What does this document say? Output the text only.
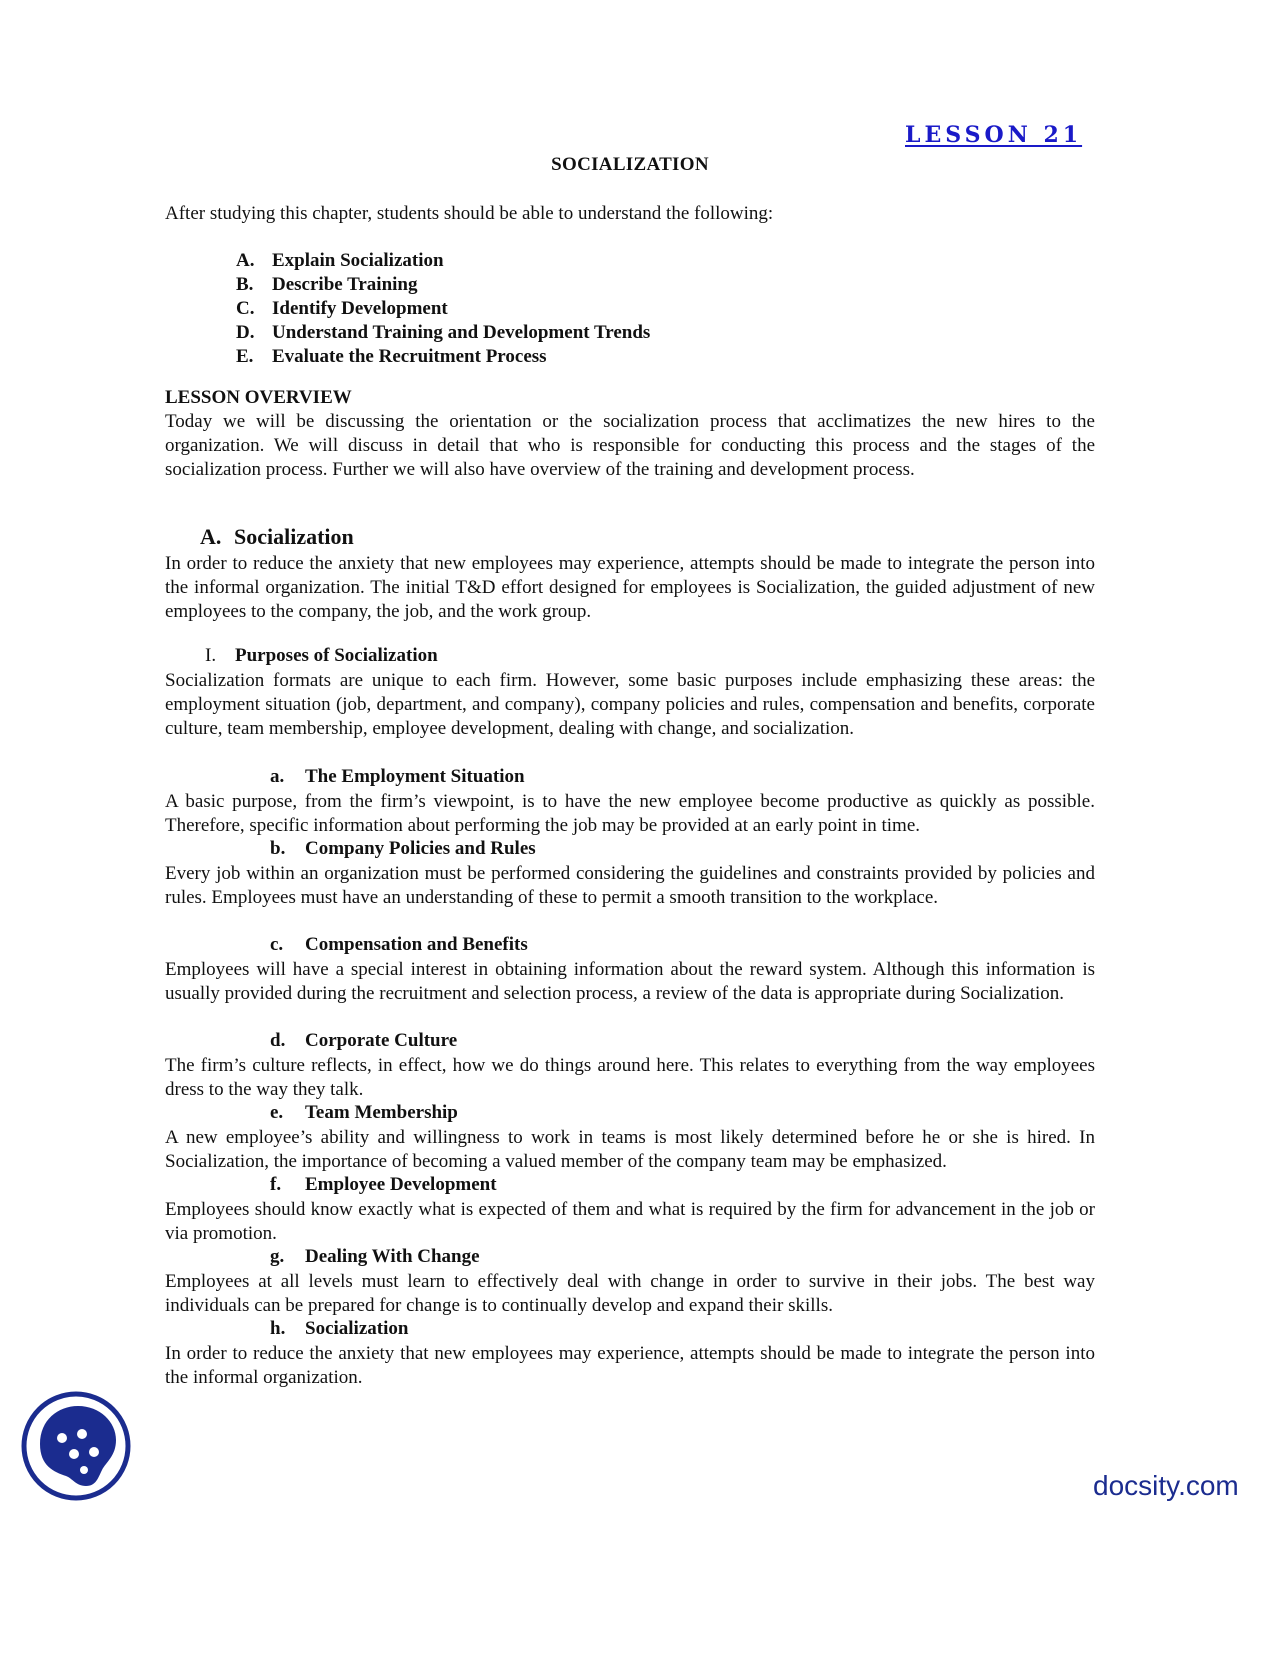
LESSON 21
SOCIALIZATION
After studying this chapter, students should be able to understand the following:
A. Explain Socialization
B. Describe Training
C. Identify Development
D. Understand Training and Development Trends
E. Evaluate the Recruitment Process
LESSON OVERVIEW

Today we will be discussing the orientation or the socialization process that acclimatizes the new hires to the organization. We will discuss in detail that who is responsible for conducting this process and the stages of the socialization process. Further we will also have overview of the training and development process.

A. Socialization

In order to reduce the anxiety that new employees may experience, attempts should be made to integrate the person into the informal organization. The initial T&D effort designed for employees is Socialization, the guided adjustment of new employees to the company, the job, and the work group.

I. Purposes of Socialization

Socialization formats are unique to each firm. However, some basic purposes include emphasizing these areas: the employment situation (job, department, and company), company policies and rules, compensation and benefits, corporate culture, team membership, employee development, dealing with change, and socialization.

a. The Employment Situation

A basic purpose, from the firm’s viewpoint, is to have the new employee become productive as quickly as possible. Therefore, specific information about performing the job may be provided at an early point in time.

b. Company Policies and Rules

Every job within an organization must be performed considering the guidelines and constraints provided by policies and rules. Employees must have an understanding of these to permit a smooth transition to the workplace.

c. Compensation and Benefits

Employees will have a special interest in obtaining information about the reward system. Although this information is usually provided during the recruitment and selection process, a review of the data is appropriate during Socialization.

d. Corporate Culture

The firm’s culture reflects, in effect, how we do things around here. This relates to everything from the way employees dress to the way they talk.

e. Team Membership

A new employee’s ability and willingness to work in teams is most likely determined before he or she is hired. In Socialization, the importance of becoming a valued member of the company team may be emphasized.

f. Employee Development

Employees should know exactly what is expected of them and what is required by the firm for advancement in the job or via promotion.

g. Dealing With Change

Employees at all levels must learn to effectively deal with change in order to survive in their jobs. The best way individuals can be prepared for change is to continually develop and expand their skills.

h. Socialization

In order to reduce the anxiety that new employees may experience, attempts should be made to integrate the person into the informal organization.

docsity.com
